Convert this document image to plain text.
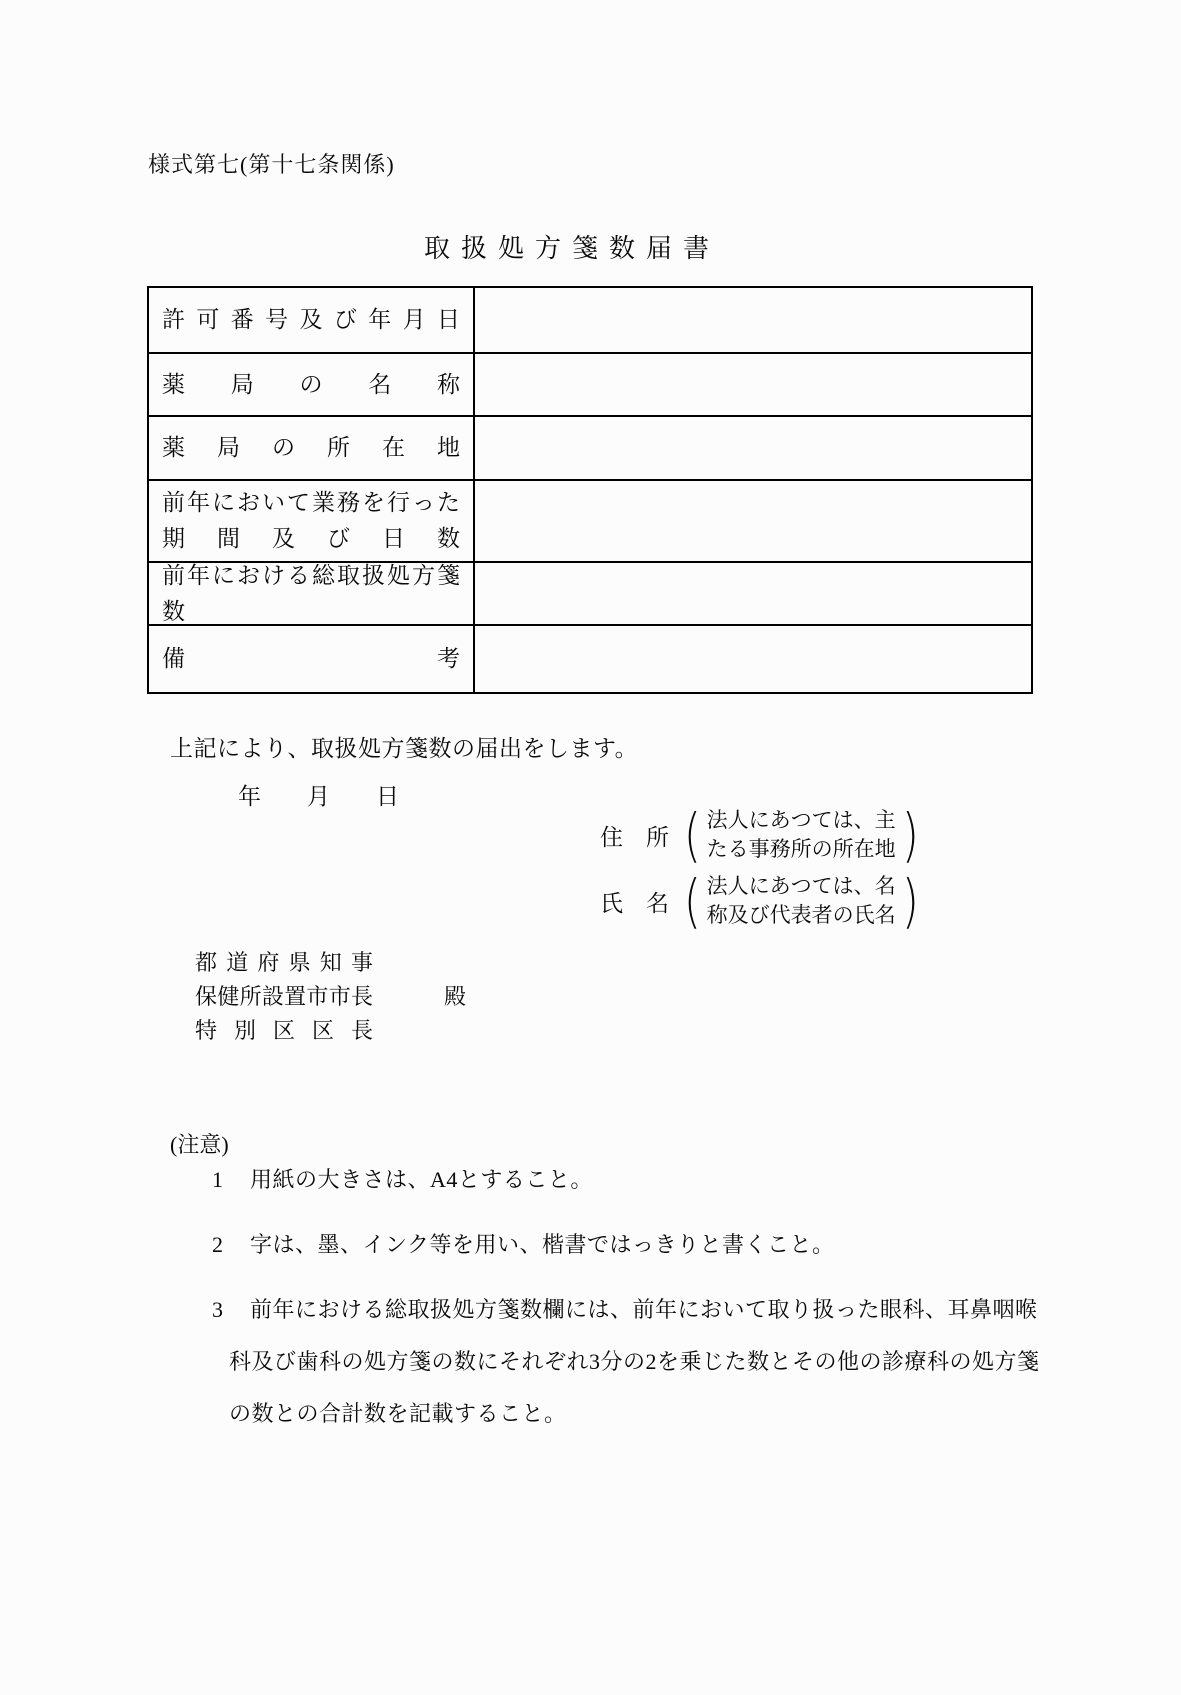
様式第七(第十七条関係)
取扱処方箋数届書
許可番号及び年月日
薬局の名称
薬局の所在地
前年において業務を行った
期間及び日数
前年における総取扱処方箋数
備考
上記により、取扱処方箋数の届出をします。
年　　月　　日
住　所 ( 法人にあつては、主
たる事務所の所在地 )
氏　名 ( 法人にあつては、名
称及び代表者の氏名 )
都道府県知事
保健所設置市市長
特別区区長
殿
(注意)
1 用紙の大きさは、A4とすること。
2 字は、墨、インク等を用い、楷書ではっきりと書くこと。
3 前年における総取扱処方箋数欄には、前年において取り扱った眼科、耳鼻咽喉
科及び歯科の処方箋の数にそれぞれ3分の2を乗じた数とその他の診療科の処方箋
の数との合計数を記載すること。
